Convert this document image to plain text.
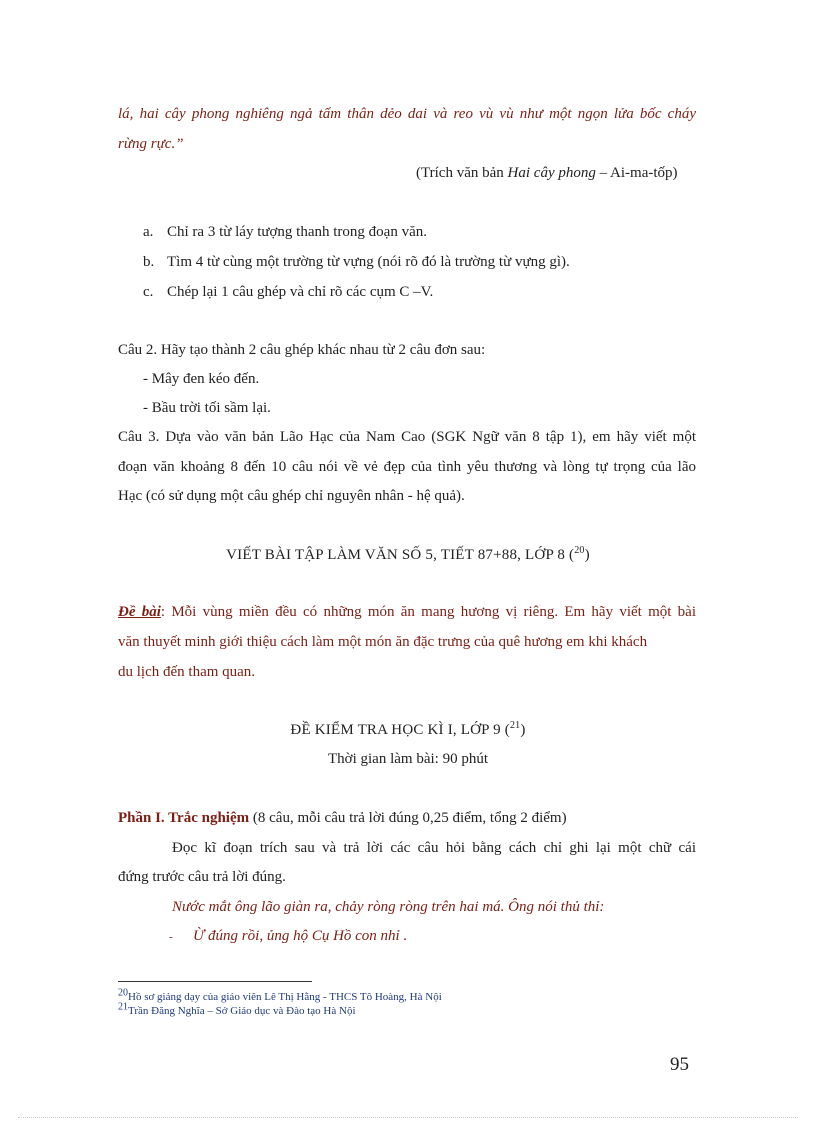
lá, hai cây phong nghiêng ngả tấm thân dẻo dai và reo vù vù như một ngọn lửa bốc cháy
rừng rực.”
(Trích văn bản Hai cây phong – Ai-ma-tốp)
a. Chỉ ra 3 từ láy tượng thanh trong đoạn văn.
b. Tìm 4 từ cùng một trường từ vựng (nói rõ đó là trường từ vựng gì).
c. Chép lại 1 câu ghép và chỉ rõ các cụm C –V.
Câu 2. Hãy tạo thành 2 câu ghép khác nhau từ 2 câu đơn sau:
- Mây đen kéo đến.
- Bầu trời tối sầm lại.
Câu 3. Dựa vào văn bản Lão Hạc của Nam Cao (SGK Ngữ văn 8 tập 1), em hãy viết một
đoạn văn khoảng 8 đến 10 câu nói về vẻ đẹp của tình yêu thương và lòng tự trọng của lão
Hạc (có sử dụng một câu ghép chỉ nguyên nhân - hệ quả).
VIẾT BÀI TẬP LÀM VĂN SỐ 5, TIẾT 87+88, LỚP 8 ($^{20}$)
Đề bài: Mỗi vùng miền đều có những món ăn mang hương vị riêng. Em hãy viết một bài
văn thuyết minh giới thiệu cách làm một món ăn đặc trưng của quê hương em khi khách
du lịch đến tham quan.
ĐỀ KIỂM TRA HỌC KÌ I, LỚP 9 ($^{21}$)
Thời gian làm bài: 90 phút
Phần I. Trắc nghiệm (8 câu, mỗi câu trả lời đúng 0,25 điểm, tổng 2 điểm)
Đọc kĩ đoạn trích sau và trả lời các câu hỏi bằng cách chỉ ghi lại một chữ cái
đứng trước câu trả lời đúng.
Nước mắt ông lão giàn ra, chảy ròng ròng trên hai má. Ông nói thủ thỉ:
- Ừ đúng rồi, ủng hộ Cụ Hồ con nhỉ .
$^{20}$Hồ sơ giảng dạy của giáo viên Lê Thị Hằng - THCS Tô Hoàng, Hà Nội
$^{21}$Trần Đăng Nghĩa – Sở Giáo dục và Đào tạo Hà Nội
95
